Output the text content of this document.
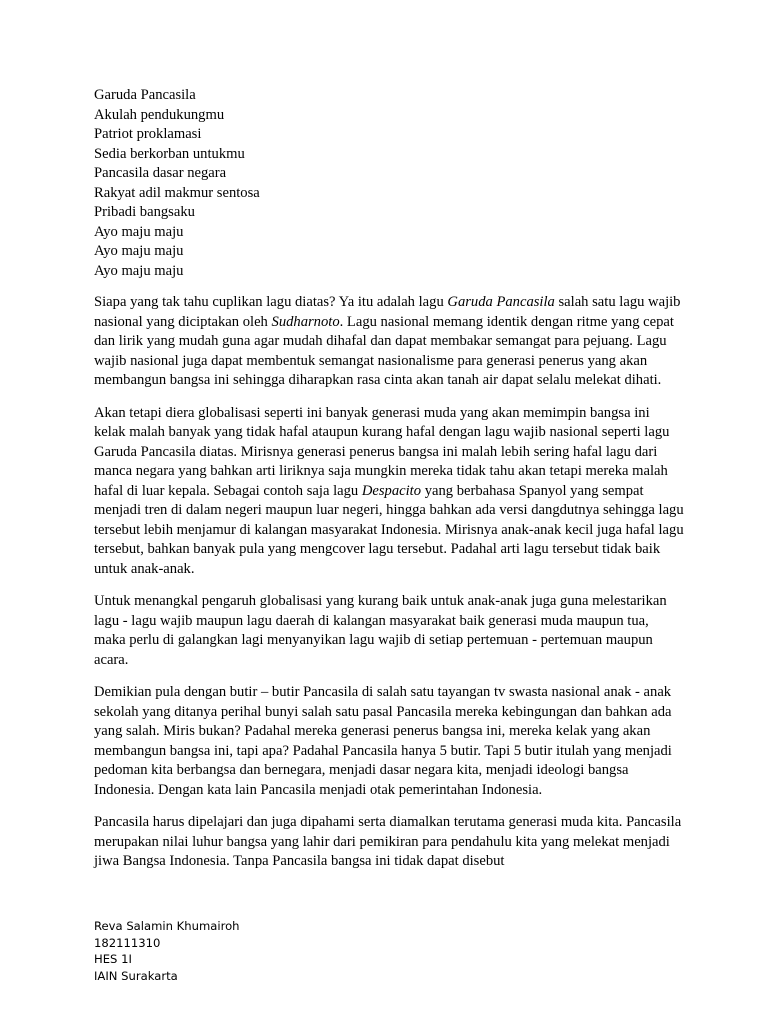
Garuda Pancasila
Akulah pendukungmu
Patriot proklamasi
Sedia berkorban untukmu
Pancasila dasar negara
Rakyat adil makmur sentosa
Pribadi bangsaku
Ayo maju maju
Ayo maju maju
Ayo maju maju

Siapa yang tak tahu cuplikan lagu diatas? Ya itu adalah lagu Garuda Pancasila salah satu lagu wajib nasional yang diciptakan oleh Sudharnoto. Lagu nasional memang identik dengan ritme yang cepat dan lirik yang mudah guna agar mudah dihafal dan dapat membakar semangat para pejuang. Lagu wajib nasional juga dapat membentuk semangat nasionalisme para generasi penerus yang akan membangun bangsa ini sehingga diharapkan rasa cinta akan tanah air dapat selalu melekat dihati.

Akan tetapi diera globalisasi seperti ini banyak generasi muda yang akan memimpin bangsa ini kelak malah banyak yang tidak hafal ataupun kurang hafal dengan lagu wajib nasional seperti lagu Garuda Pancasila diatas. Mirisnya generasi penerus bangsa ini malah lebih sering hafal lagu dari manca negara yang bahkan arti liriknya saja mungkin mereka tidak tahu akan tetapi mereka malah hafal di luar kepala. Sebagai contoh saja lagu Despacito yang berbahasa Spanyol yang sempat menjadi tren di dalam negeri maupun luar negeri, hingga bahkan ada versi dangdutnya sehingga lagu tersebut lebih menjamur di kalangan masyarakat Indonesia. Mirisnya anak-anak kecil juga hafal lagu tersebut, bahkan banyak pula yang mengcover lagu tersebut. Padahal arti lagu tersebut tidak baik untuk anak-anak.

Untuk menangkal pengaruh globalisasi yang kurang baik untuk anak-anak juga guna melestarikan lagu - lagu wajib maupun lagu daerah di kalangan masyarakat baik generasi muda maupun tua, maka perlu di galangkan lagi menyanyikan lagu wajib di setiap pertemuan - pertemuan maupun acara.

Demikian pula dengan butir – butir Pancasila di salah satu tayangan tv swasta nasional anak - anak sekolah yang ditanya perihal bunyi salah satu pasal Pancasila mereka kebingungan dan bahkan ada yang salah. Miris bukan? Padahal mereka generasi penerus bangsa ini, mereka kelak yang akan membangun bangsa ini, tapi apa? Padahal Pancasila hanya 5 butir. Tapi 5 butir itulah yang menjadi pedoman kita berbangsa dan bernegara, menjadi dasar negara kita, menjadi ideologi bangsa Indonesia. Dengan kata lain Pancasila menjadi otak pemerintahan Indonesia.

Pancasila harus dipelajari dan juga dipahami serta diamalkan terutama generasi muda kita. Pancasila merupakan nilai luhur bangsa yang lahir dari pemikiran para pendahulu kita yang melekat menjadi jiwa Bangsa Indonesia. Tanpa Pancasila bangsa ini tidak dapat disebut

Reva Salamin Khumairoh
182111310
HES 1I
IAIN Surakarta
